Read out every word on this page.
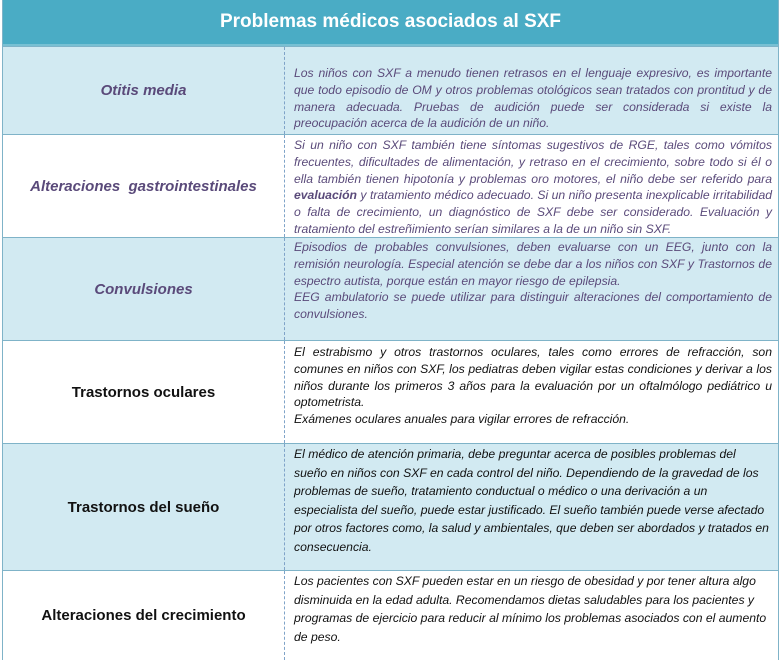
Problemas médicos asociados al SXF
Otitis media

Los niños con SXF a menudo tienen retrasos en el lenguaje expresivo, es importante que todo episodio de OM y otros problemas otológicos sean tratados con prontitud y de manera adecuada. Pruebas de audición puede ser considerada si existe la preocupación acerca de la audición de un niño.

Alteraciones  gastrointestinales

Si un niño con SXF también tiene síntomas sugestivos de RGE, tales como vómitos frecuentes, dificultades de alimentación, y retraso en el crecimiento, sobre todo si él o ella también tienen hipotonía y problemas oro motores, el niño debe ser referido para evaluación y tratamiento médico adecuado. Si un niño presenta inexplicable irritabilidad o falta de crecimiento, un diagnóstico de SXF debe ser considerado. Evaluación y tratamiento del estreñimiento serían similares a la de un niño sin SXF.

Convulsiones

Episodios de probables convulsiones, deben evaluarse con un EEG, junto con la remisión neurología. Especial atención se debe dar a los niños con SXF y Trastornos de espectro autista, porque están en mayor riesgo de epilepsia.

EEG ambulatorio se puede utilizar para distinguir alteraciones del comportamiento de convulsiones.

Trastornos oculares

El estrabismo y otros trastornos oculares, tales como errores de refracción, son comunes en niños con SXF, los pediatras deben vigilar estas condiciones y derivar a los niños durante los primeros 3 años para la evaluación por un oftalmólogo pediátrico u optometrista.

Exámenes oculares anuales para vigilar errores de refracción.

Trastornos del sueño

El médico de atención primaria, debe preguntar acerca de posibles problemas del sueño en niños con SXF en cada control del niño. Dependiendo de la gravedad de los problemas de sueño, tratamiento conductual o médico o una derivación a un especialista del sueño, puede estar justificado. El sueño también puede verse afectado por otros factores como, la salud y ambientales, que deben ser abordados y tratados en consecuencia.

Alteraciones del crecimiento

Los pacientes con SXF pueden estar en un riesgo de obesidad y por tener altura algo disminuida en la edad adulta. Recomendamos dietas saludables para los pacientes y programas de ejercicio para reducir al mínimo los problemas asociados con el aumento de peso.
